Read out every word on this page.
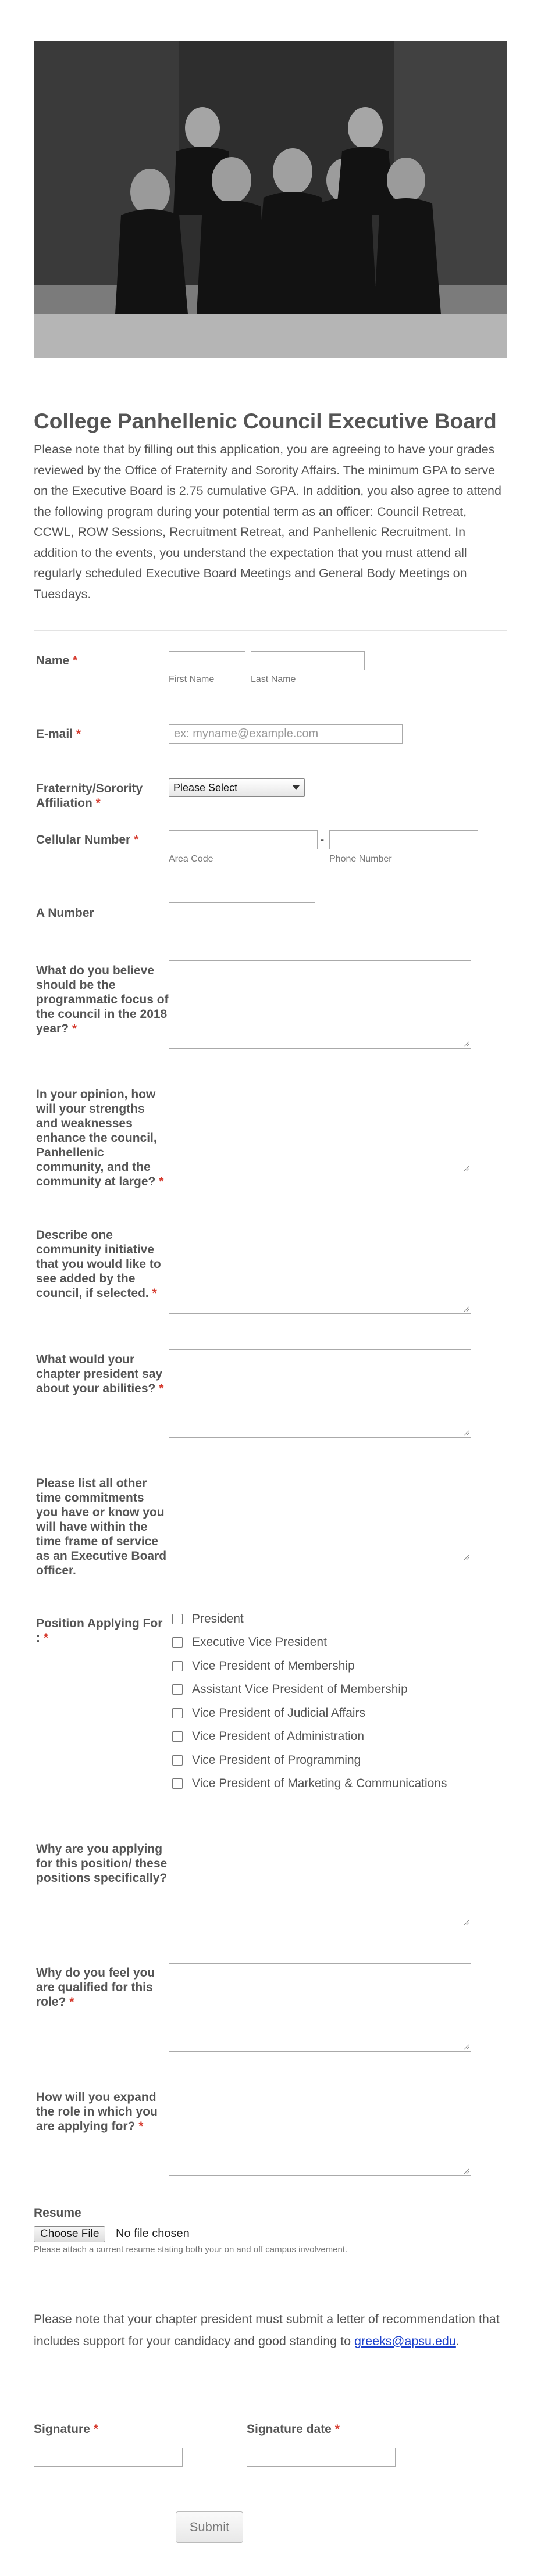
College Panhellenic Council Executive Board

Please note that by filling out this application, you are agreeing to have your grades reviewed by the Office of Fraternity and Sorority Affairs. The minimum GPA to serve on the Executive Board is 2.75 cumulative GPA. In addition, you also agree to attend the following program during your potential term as an officer: Council Retreat, CCWL, ROW Sessions, Recruitment Retreat, and Panhellenic Recruitment. In addition to the events, you understand the expectation that you must attend all regularly scheduled Executive Board Meetings and General Body Meetings on Tuesdays.

Name *
First Name	Last Name
E-mail *	ex: myname@example.com
Fraternity/Sorority Affiliation *
Please Select
Cellular Number *	-
Area Code	Phone Number
A Number
What do you believe should be the programmatic focus of the council in the 2018 year? *
In your opinion, how will your strengths and weaknesses enhance the council, Panhellenic community, and the community at large? *
Describe one community initiative that you would like to see added by the council, if selected. *
What would your chapter president say about your abilities? *
Please list all other time commitments you have or know you will have within the time frame of service as an Executive Board officer.
Position Applying For : *
President
Executive Vice President
Vice President of Membership
Assistant Vice President of Membership
Vice President of Judicial Affairs
Vice President of Administration
Vice President of Programming
Vice President of Marketing & Communications
Why are you applying for this position/ these positions specifically?
Why do you feel you are qualified for this role? *
How will you expand the role in which you are applying for? *
Resume
Choose File	No file chosen
Please attach a current resume stating both your on and off campus involvement.

Please note that your chapter president must submit a letter of recommendation that includes support for your candidacy and good standing to greeks@apsu.edu.

Signature *	Signature date *
Submit
